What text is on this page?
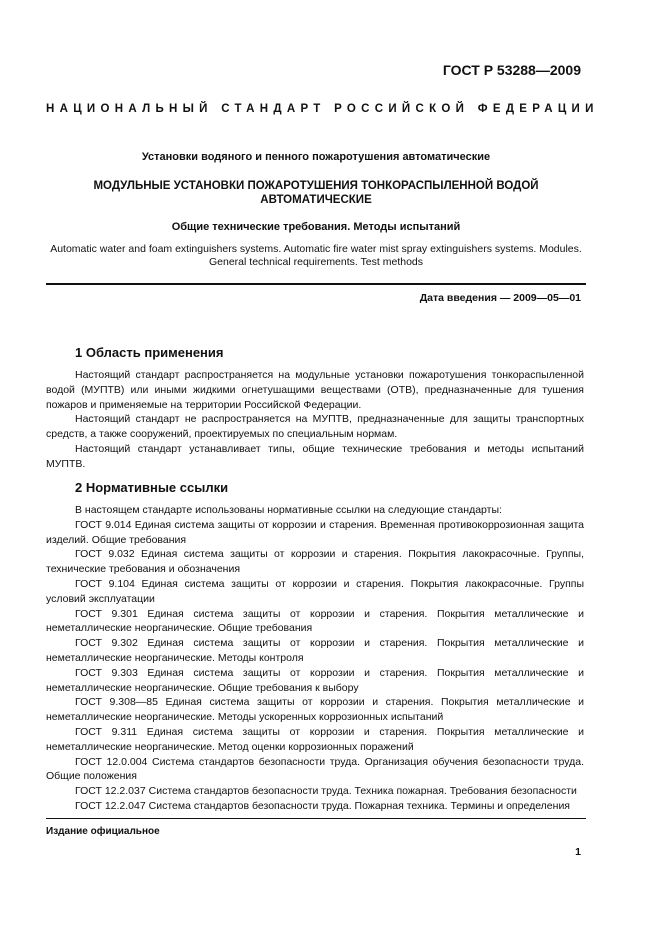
ГОСТ Р 53288—2009
НАЦИОНАЛЬНЫЙ СТАНДАРТ РОССИЙСКОЙ ФЕДЕРАЦИИ
Установки водяного и пенного пожаротушения автоматические
МОДУЛЬНЫЕ УСТАНОВКИ ПОЖАРОТУШЕНИЯ ТОНКОРАСПЫЛЕННОЙ ВОДОЙ АВТОМАТИЧЕСКИЕ
Общие технические требования. Методы испытаний
Automatic water and foam extinguishers systems. Automatic fire water mist spray extinguishers systems. Modules. General technical requirements. Test methods
Дата введения — 2009—05—01
1 Область применения

Настоящий стандарт распространяется на модульные установки пожаротушения тонкораспыленной водой (МУПТВ) или иными жидкими огнетушащими веществами (ОТВ), предназначенные для тушения пожаров и применяемые на территории Российской Федерации.

Настоящий стандарт не распространяется на МУПТВ, предназначенные для защиты транспортных средств, а также сооружений, проектируемых по специальным нормам.

Настоящий стандарт устанавливает типы, общие технические требования и методы испытаний МУПТВ.

2 Нормативные ссылки

В настоящем стандарте использованы нормативные ссылки на следующие стандарты:

ГОСТ 9.014 Единая система защиты от коррозии и старения. Временная противокоррозионная защита изделий. Общие требования

ГОСТ 9.032 Единая система защиты от коррозии и старения. Покрытия лакокрасочные. Группы, технические требования и обозначения

ГОСТ 9.104 Единая система защиты от коррозии и старения. Покрытия лакокрасочные. Группы условий эксплуатации

ГОСТ 9.301 Единая система защиты от коррозии и старения. Покрытия металлические и неметаллические неорганические. Общие требования

ГОСТ 9.302 Единая система защиты от коррозии и старения. Покрытия металлические и неметаллические неорганические. Методы контроля

ГОСТ 9.303 Единая система защиты от коррозии и старения. Покрытия металлические и неметаллические неорганические. Общие требования к выбору

ГОСТ 9.308—85 Единая система защиты от коррозии и старения. Покрытия металлические и неметаллические неорганические. Методы ускоренных коррозионных испытаний

ГОСТ 9.311 Единая система защиты от коррозии и старения. Покрытия металлические и неметаллические неорганические. Метод оценки коррозионных поражений

ГОСТ 12.0.004 Система стандартов безопасности труда. Организация обучения безопасности труда. Общие положения

ГОСТ 12.2.037 Система стандартов безопасности труда. Техника пожарная. Требования безопасности

ГОСТ 12.2.047 Система стандартов безопасности труда. Пожарная техника. Термины и определения

Издание официальное
1
